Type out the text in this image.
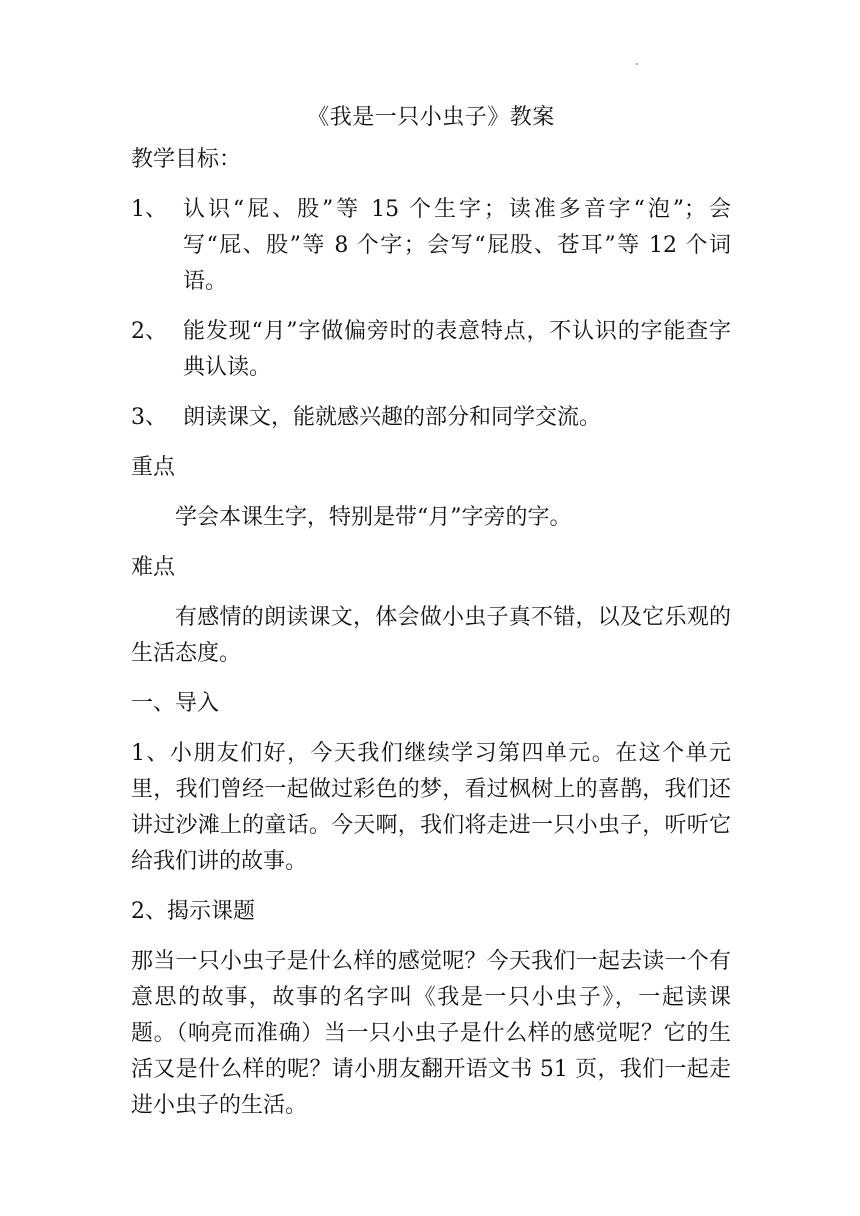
《我是一只小虫子》教案
教学目标：
1、 认识“屁、股”等 15 个生字；读准多音字“泡”；会写“屁、股”等 8 个字；会写“屁股、苍耳”等 12 个词语。
2、 能发现“月”字做偏旁时的表意特点，不认识的字能查字典认读。
3、 朗读课文，能就感兴趣的部分和同学交流。
重点
学会本课生字，特别是带“月”字旁的字。
难点
有感情的朗读课文，体会做小虫子真不错，以及它乐观的生活态度。
一、导入
1、小朋友们好，今天我们继续学习第四单元。在这个单元里，我们曾经一起做过彩色的梦，看过枫树上的喜鹊，我们还讲过沙滩上的童话。今天啊，我们将走进一只小虫子，听听它给我们讲的故事。
2、揭示课题
那当一只小虫子是什么样的感觉呢？今天我们一起去读一个有意思的故事，故事的名字叫《我是一只小虫子》，一起读课题。（响亮而准确）当一只小虫子是什么样的感觉呢？它的生活又是什么样的呢？请小朋友翻开语文书 51 页，我们一起走进小虫子的生活。
